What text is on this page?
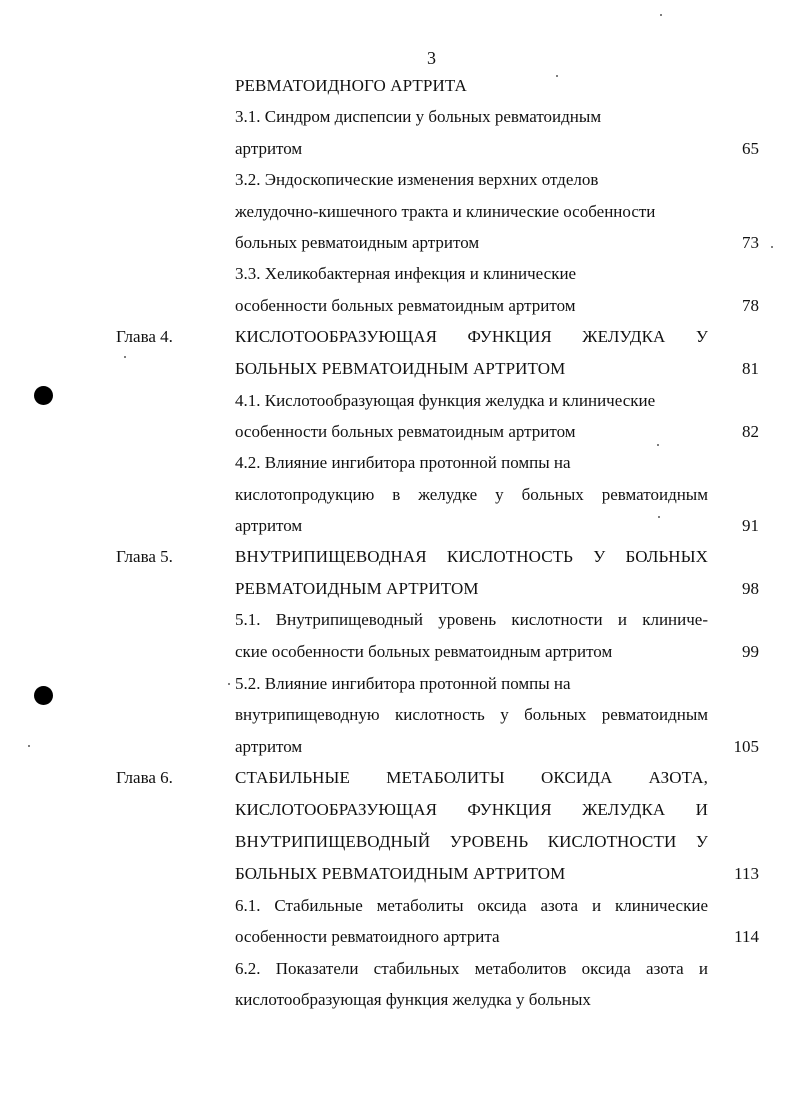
3
РЕВМАТОИДНОГО АРТРИТА
3.1. Синдром диспепсии у больных ревматоидным
артритом	65
3.2. Эндоскопические изменения верхних отделов
желудочно-кишечного тракта и клинические особенности
больных ревматоидным артритом	73
3.3. Хеликобактерная инфекция и клинические
особенности больных ревматоидным артритом	78
Глава 4.	КИСЛОТООБРАЗУЮЩАЯ ФУНКЦИЯ ЖЕЛУДКА У
БОЛЬНЫХ РЕВМАТОИДНЫМ АРТРИТОМ	81
4.1. Кислотообразующая функция желудка и клинические
особенности больных ревматоидным артритом	82
4.2. Влияние ингибитора протонной помпы на
кислотопродукцию в желудке у больных ревматоидным
артритом	91
Глава 5.	ВНУТРИПИЩЕВОДНАЯ КИСЛОТНОСТЬ У БОЛЬНЫХ
РЕВМАТОИДНЫМ АРТРИТОМ	98
5.1. Внутрипищеводный уровень кислотности и клиниче-
ские особенности больных ревматоидным артритом	99
5.2. Влияние ингибитора протонной помпы на
внутрипищеводную кислотность у больных ревматоидным
артритом	105
Глава 6.	СТАБИЛЬНЫЕ МЕТАБОЛИТЫ ОКСИДА АЗОТА,
КИСЛОТООБРАЗУЮЩАЯ ФУНКЦИЯ ЖЕЛУДКА И
ВНУТРИПИЩЕВОДНЫЙ УРОВЕНЬ КИСЛОТНОСТИ У
БОЛЬНЫХ РЕВМАТОИДНЫМ АРТРИТОМ	113
6.1. Стабильные метаболиты оксида азота и клинические
особенности ревматоидного артрита	114
6.2. Показатели стабильных метаболитов оксида азота и
кислотообразующая функция желудка у больных
